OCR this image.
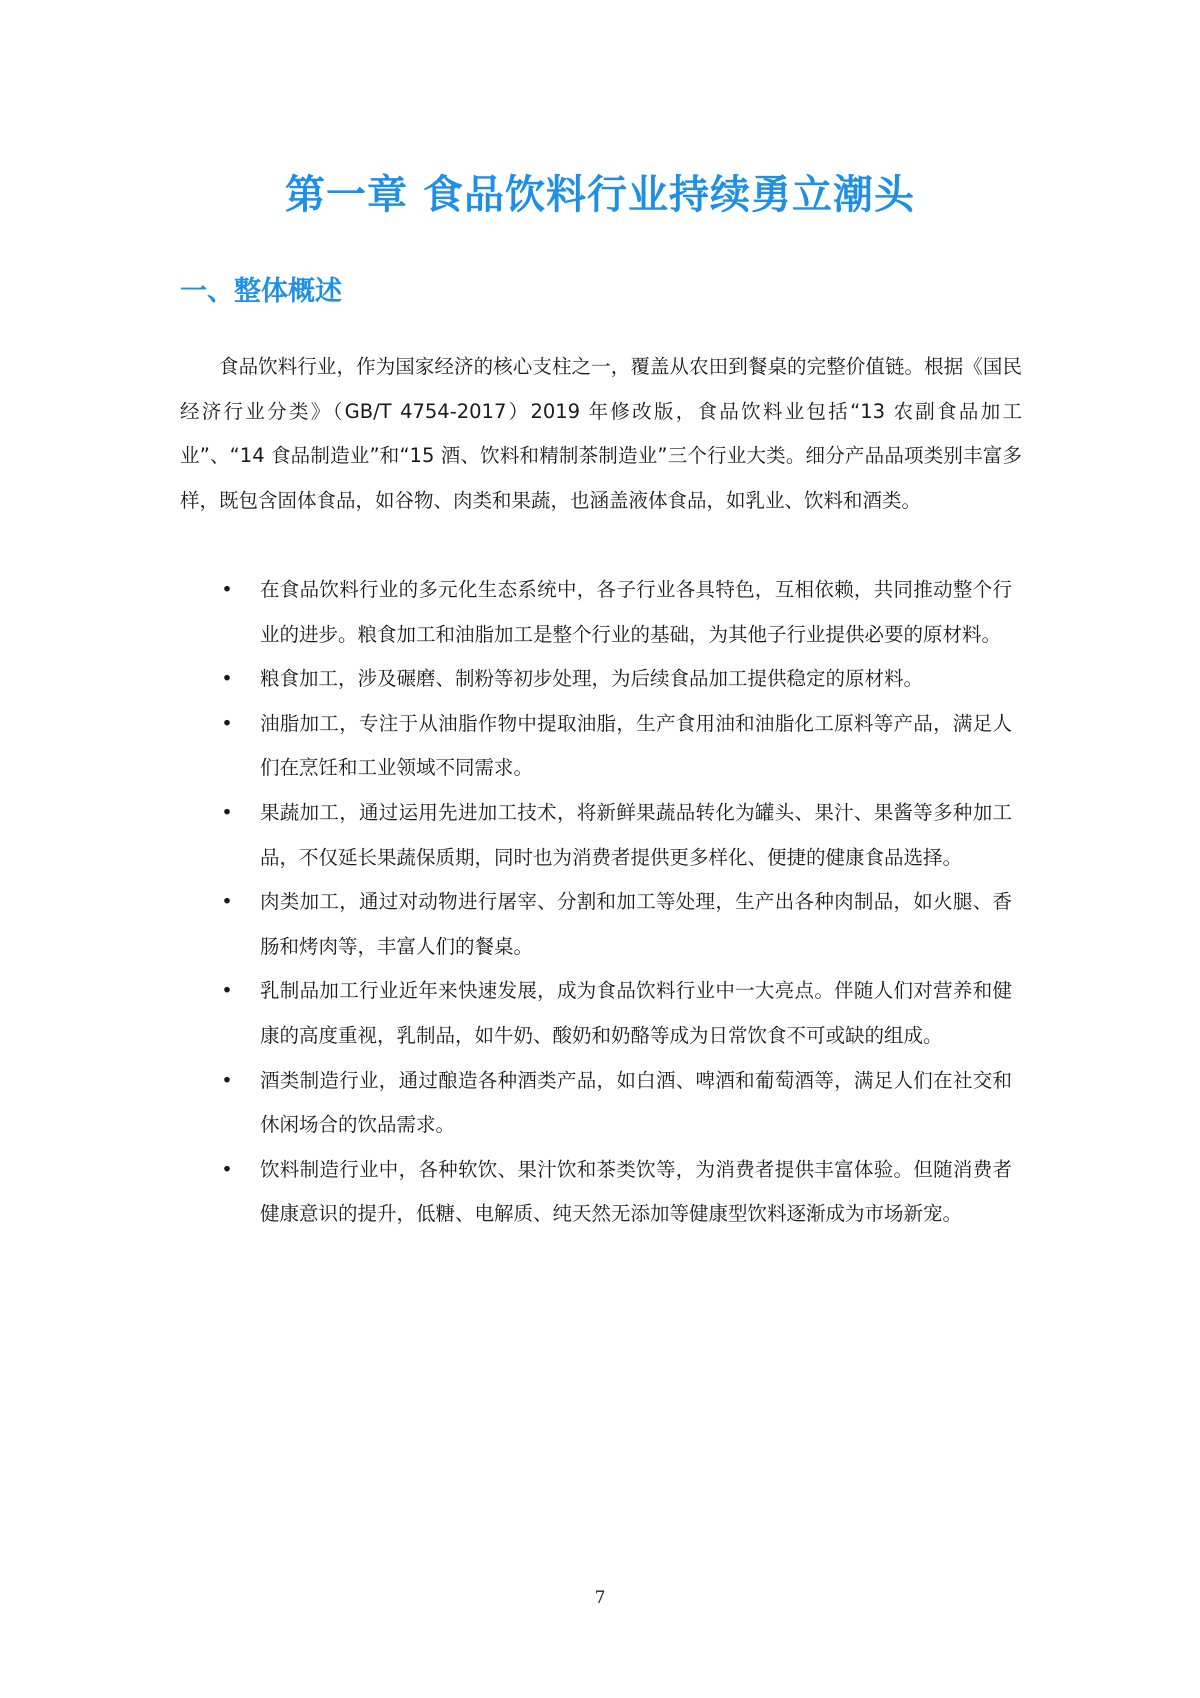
第一章 食品饮料行业持续勇立潮头
一、整体概述

食品饮料行业，作为国家经济的核心支柱之一，覆盖从农田到餐桌的完整价值链。根据《国民经济行业分类》（GB/T 4754-2017）2019 年修改版，食品饮料业包括“13 农副食品加工业”、“14 食品制造业”和“15 酒、饮料和精制茶制造业”三个行业大类。细分产品品项类别丰富多样，既包含固体食品，如谷物、肉类和果蔬，也涵盖液体食品，如乳业、饮料和酒类。

• 在食品饮料行业的多元化生态系统中，各子行业各具特色，互相依赖，共同推动整个行业的进步。粮食加工和油脂加工是整个行业的基础，为其他子行业提供必要的原材料。
• 粮食加工，涉及碾磨、制粉等初步处理，为后续食品加工提供稳定的原材料。
• 油脂加工，专注于从油脂作物中提取油脂，生产食用油和油脂化工原料等产品，满足人们在烹饪和工业领域不同需求。
• 果蔬加工，通过运用先进加工技术，将新鲜果蔬品转化为罐头、果汁、果酱等多种加工品，不仅延长果蔬保质期，同时也为消费者提供更多样化、便捷的健康食品选择。
• 肉类加工，通过对动物进行屠宰、分割和加工等处理，生产出各种肉制品，如火腿、香肠和烤肉等，丰富人们的餐桌。
• 乳制品加工行业近年来快速发展，成为食品饮料行业中一大亮点。伴随人们对营养和健康的高度重视，乳制品，如牛奶、酸奶和奶酪等成为日常饮食不可或缺的组成。
• 酒类制造行业，通过酿造各种酒类产品，如白酒、啤酒和葡萄酒等，满足人们在社交和休闲场合的饮品需求。
• 饮料制造行业中，各种软饮、果汁饮和茶类饮等，为消费者提供丰富体验。但随消费者健康意识的提升，低糖、电解质、纯天然无添加等健康型饮料逐渐成为市场新宠。

7
